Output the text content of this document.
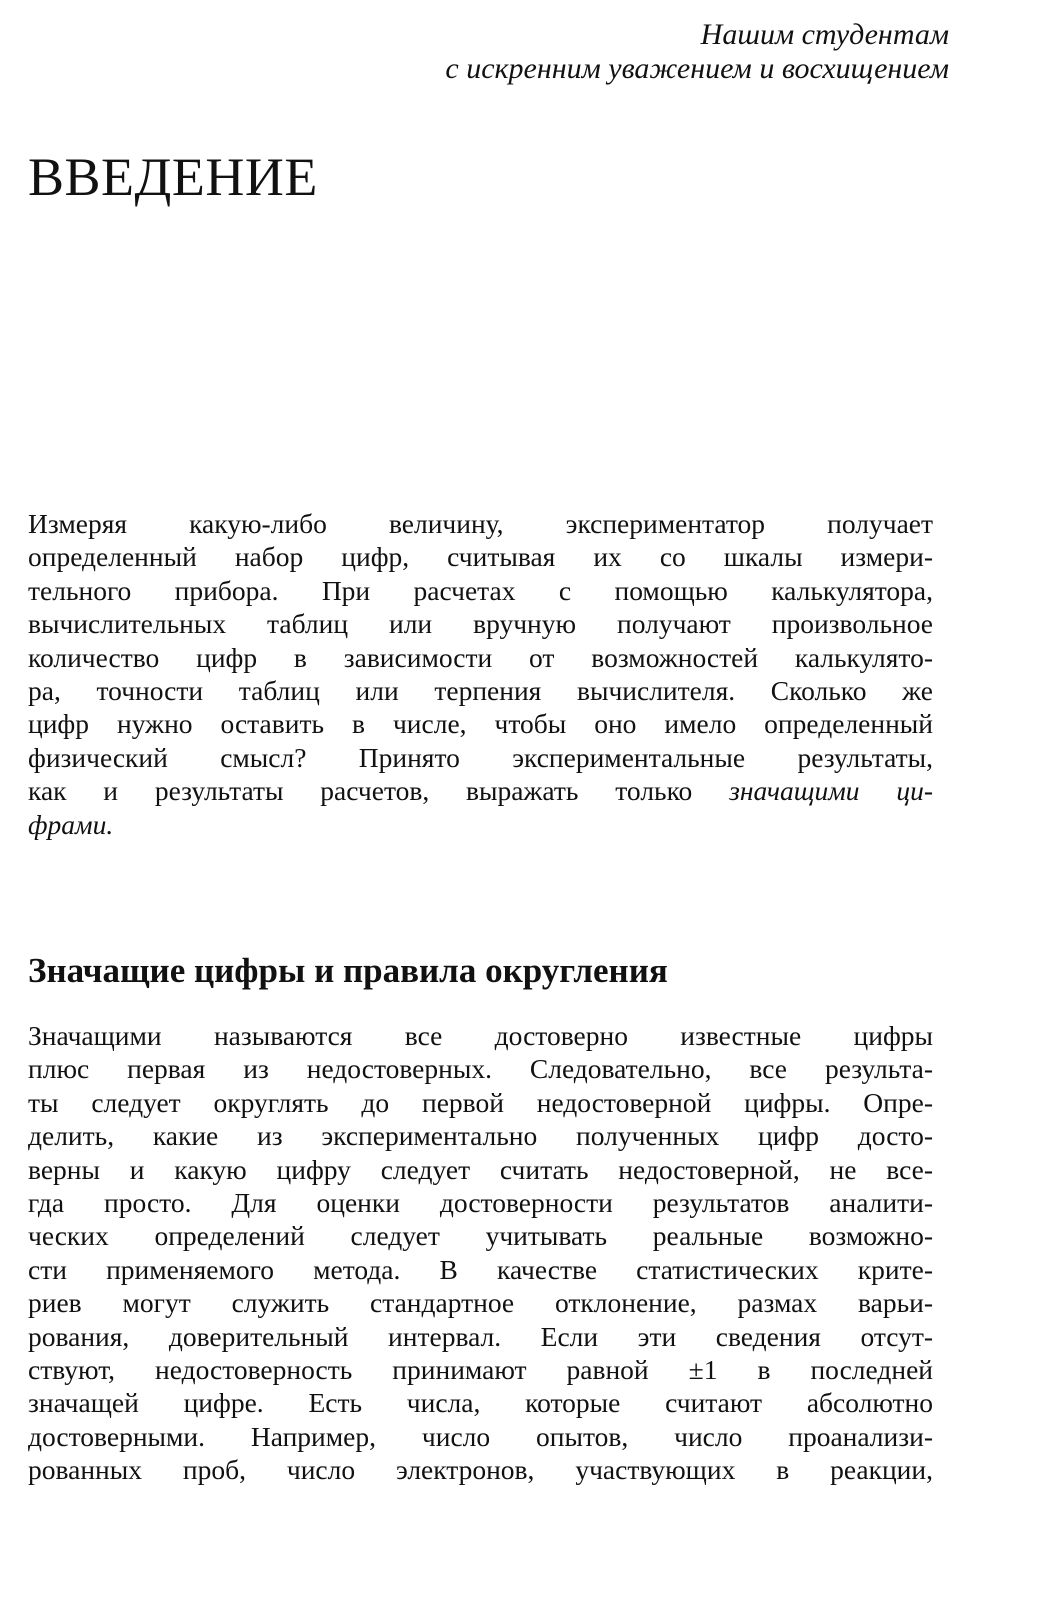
Нашим студентам
с искренним уважением и восхищением
ВВЕДЕНИЕ
Измеряя какую-либо величину, экспериментатор получает
определенный набор цифр, считывая их со шкалы измери-
тельного прибора. При расчетах с помощью калькулятора,
вычислительных таблиц или вручную получают произвольное
количество цифр в зависимости от возможностей калькулято-
ра, точности таблиц или терпения вычислителя. Сколько же
цифр нужно оставить в числе, чтобы оно имело определенный
физический смысл? Принято экспериментальные результаты,
как и результаты расчетов, выражать только значащими ци-
фрами.
Значащие цифры и правила округления
Значащими называются все достоверно известные цифры
плюс первая из недостоверных. Следовательно, все результа-
ты следует округлять до первой недостоверной цифры. Опре-
делить, какие из экспериментально полученных цифр досто-
верны и какую цифру следует считать недостоверной, не все-
гда просто. Для оценки достоверности результатов аналити-
ческих определений следует учитывать реальные возможно-
сти применяемого метода. В качестве статистических крите-
риев могут служить стандартное отклонение, размах варьи-
рования, доверительный интервал. Если эти сведения отсут-
ствуют, недостоверность принимают равной ±1 в последней
значащей цифре. Есть числа, которые считают абсолютно
достоверными. Например, число опытов, число проанализи-
рованных проб, число электронов, участвующих в реакции,
